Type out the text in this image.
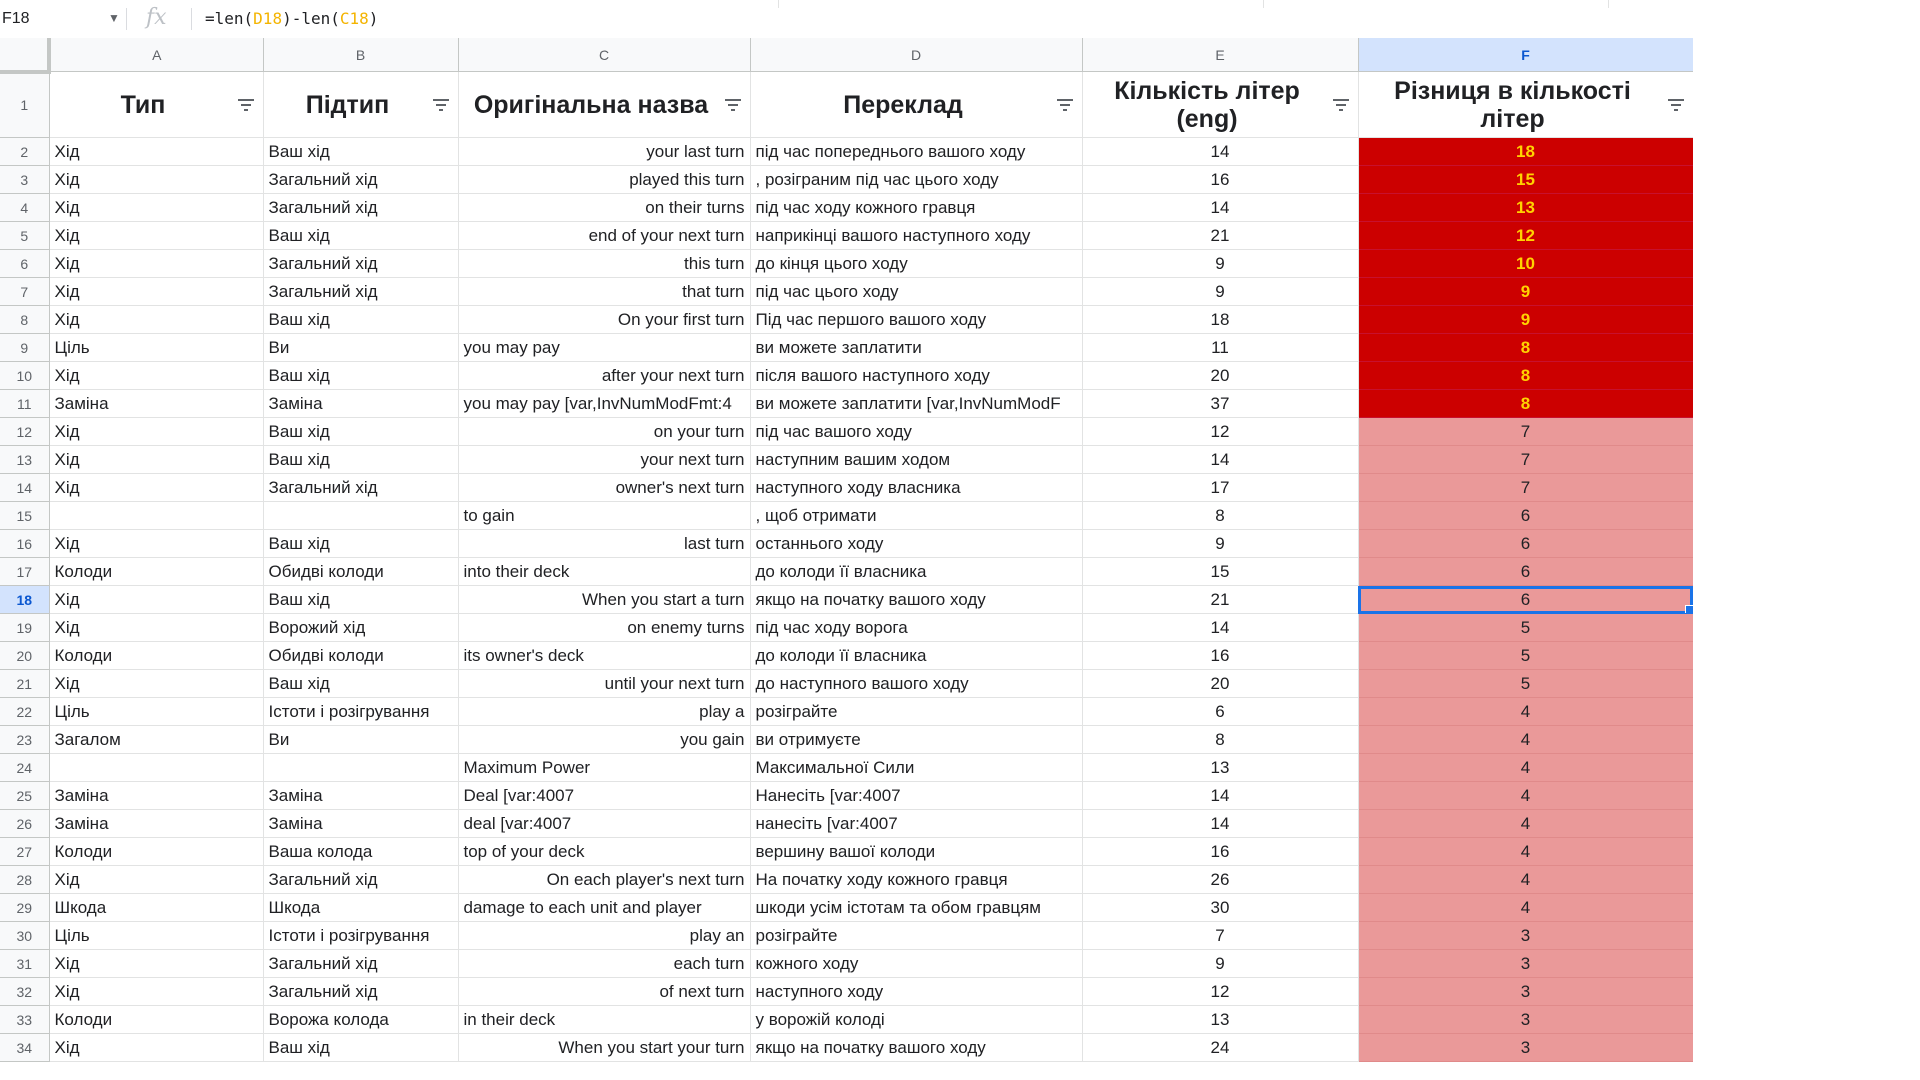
F18	▼ fx =len(D18)-len(C18)
	A	B	C	D	E	F
1	Тип	Підтип	Оригінальна назва	Переклад	Кількість літер (eng)	Різниця в кількості літер

2	Хід	Ваш хід	your last turn	під час попереднього вашого ходу	14	18
3	Хід	Загальний хід	played this turn	, розіграним під час цього ходу	16	15
4	Хід	Загальний хід	on their turns	під час ходу кожного гравця	14	13
5	Хід	Ваш хід	end of your next turn	наприкінці вашого наступного ходу	21	12
6	Хід	Загальний хід	this turn	до кінця цього ходу	9	10
7	Хід	Загальний хід	that turn	під час цього ходу	9	9
8	Хід	Ваш хід	On your first turn	Під час першого вашого ходу	18	9
9	Ціль	Ви	you may pay	ви можете заплатити	11	8
10	Хід	Ваш хід	after your next turn	після вашого наступного ходу	20	8
11	Заміна	Заміна	you may pay [var,InvNumModFmt:4	ви можете заплатити [var,InvNumModF	37	8
12	Хід	Ваш хід	on your turn	під час вашого ходу	12	7
13	Хід	Ваш хід	your next turn	наступним вашим ходом	14	7
14	Хід	Загальний хід	owner's next turn	наступного ходу власника	17	7
15			to gain	, щоб отримати	8	6
16	Хід	Ваш хід	last turn	останнього ходу	9	6
17	Колоди	Обидві колоди	into their deck	до колоди її власника	15	6
18	Хід	Ваш хід	When you start a turn	якщо на початку вашого ходу	21	6

19	Хід	Ворожий хід	on enemy turns	під час ходу ворога	14	5
20	Колоди	Обидві колоди	its owner's deck	до колоди її власника	16	5
21	Хід	Ваш хід	until your next turn	до наступного вашого ходу	20	5
22	Ціль	Істоти і розігрування	play a	розіграйте	6	4
23	Загалом	Ви	you gain	ви отримуєте	8	4
24			Maximum Power	Максимальної Сили	13	4
25	Заміна	Заміна	Deal [var:4007	Нанесіть [var:4007	14	4
26	Заміна	Заміна	deal [var:4007	нанесіть [var:4007	14	4
27	Колоди	Ваша колода	top of your deck	вершину вашої колоди	16	4
28	Хід	Загальний хід	On each player's next turn	На початку ходу кожного гравця	26	4
29	Шкода	Шкода	damage to each unit and player	шкоди усім істотам та обом гравцям	30	4
30	Ціль	Істоти і розігрування	play an	розіграйте	7	3
31	Хід	Загальний хід	each turn	кожного ходу	9	3
32	Хід	Загальний хід	of next turn	наступного ходу	12	3
33	Колоди	Ворожа колода	in their deck	у ворожій колоді	13	3
34	Хід	Ваш хід	When you start your turn	якщо на початку вашого ходу	24	3
